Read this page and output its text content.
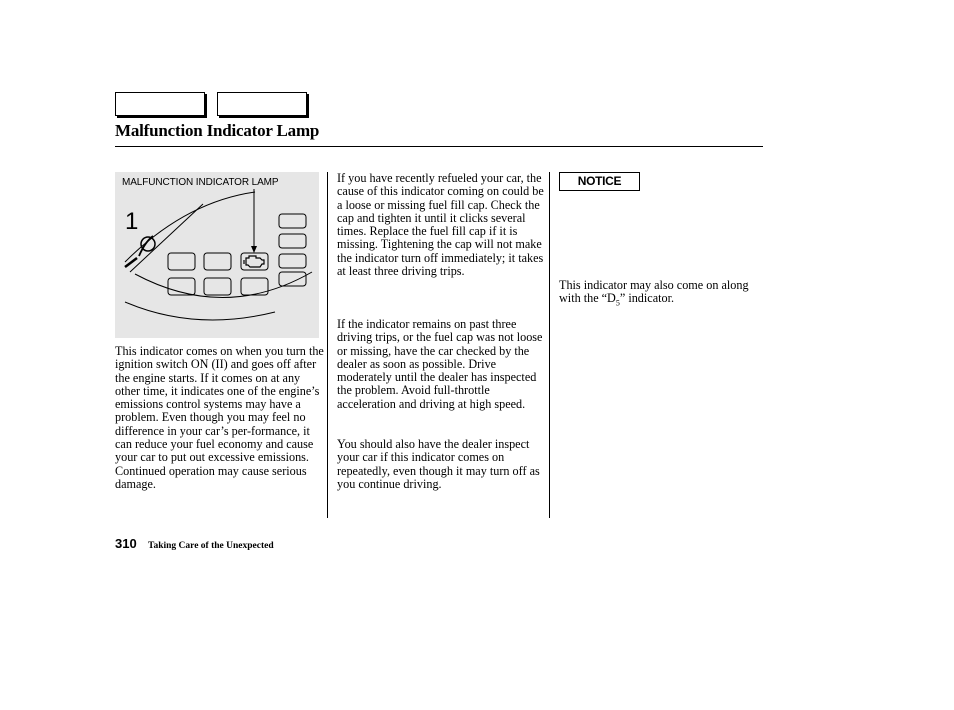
Malfunction Indicator Lamp
MALFUNCTION INDICATOR LAMP
1
This indicator comes on when you turn the ignition switch ON (II) and goes off after the engine starts. If it comes on at any other time, it indicates one of the engine’s emissions control systems may have a problem. Even though you may feel no difference in your car’s per-formance, it can reduce your fuel economy and cause your car to put out excessive emissions. Continued operation may cause serious damage.
If you have recently refueled your car, the cause of this indicator coming on could be a loose or missing fuel fill cap. Check the cap and tighten it until it clicks several times. Replace the fuel fill cap if it is missing. Tightening the cap will not make the indicator turn off immediately; it takes at least three driving trips.
If the indicator remains on past three driving trips, or the fuel cap was not loose or missing, have the car checked by the dealer as soon as possible. Drive moderately until the dealer has inspected the problem. Avoid full-throttle acceleration and driving at high speed.
You should also have the dealer inspect your car if this indicator comes on repeatedly, even though it may turn off as you continue driving.
NOTICE
This indicator may also come on along with the “$D_5$” indicator.
310 Taking Care of the Unexpected
